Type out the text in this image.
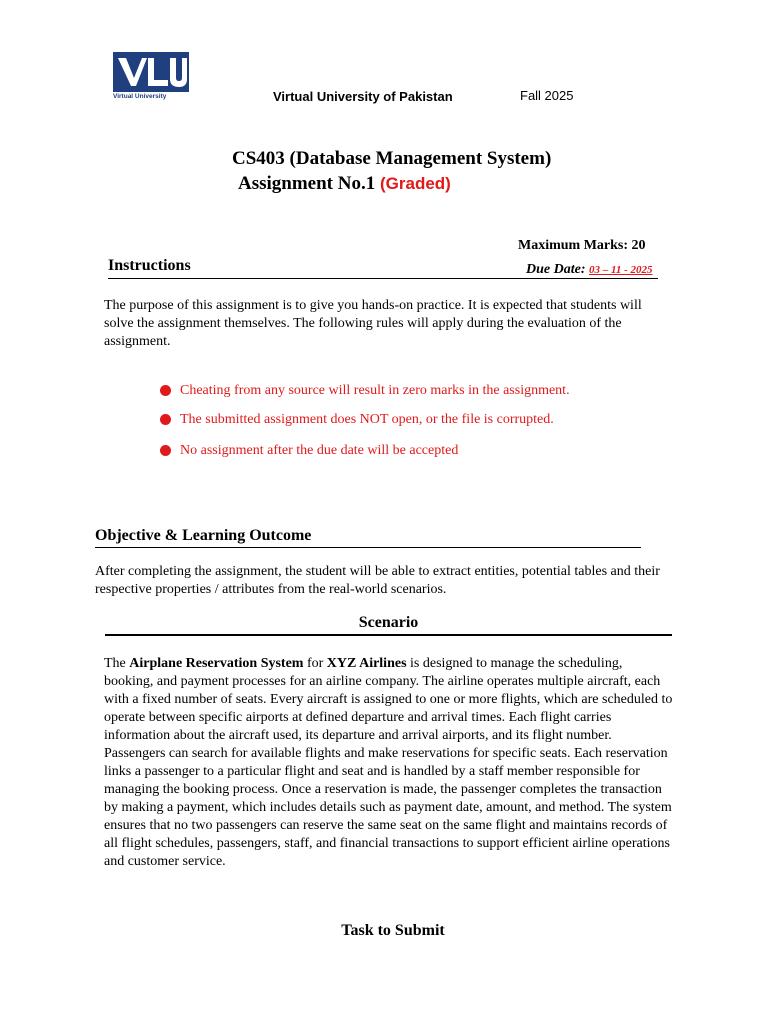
Virtual University	Virtual University of Pakistan	Fall 2025
CS403 (Database Management System)
Assignment No.1 (Graded)
Maximum Marks: 20
Due Date: 03 – 11 - 2025
Instructions
The purpose of this assignment is to give you hands-on practice. It is expected that students will solve the assignment themselves. The following rules will apply during the evaluation of the assignment.
Cheating from any source will result in zero marks in the assignment.
The submitted assignment does NOT open, or the file is corrupted.
No assignment after the due date will be accepted
Objective & Learning Outcome
After completing the assignment, the student will be able to extract entities, potential tables and their respective properties / attributes from the real-world scenarios.
Scenario
The Airplane Reservation System for XYZ Airlines is designed to manage the scheduling, booking, and payment processes for an airline company. The airline operates multiple aircraft, each with a fixed number of seats. Every aircraft is assigned to one or more flights, which are scheduled to operate between specific airports at defined departure and arrival times. Each flight carries information about the aircraft used, its departure and arrival airports, and its flight number. Passengers can search for available flights and make reservations for specific seats. Each reservation links a passenger to a particular flight and seat and is handled by a staff member responsible for managing the booking process. Once a reservation is made, the passenger completes the transaction by making a payment, which includes details such as payment date, amount, and method. The system ensures that no two passengers can reserve the same seat on the same flight and maintains records of all flight schedules, passengers, staff, and financial transactions to support efficient airline operations and customer service.
Task to Submit
